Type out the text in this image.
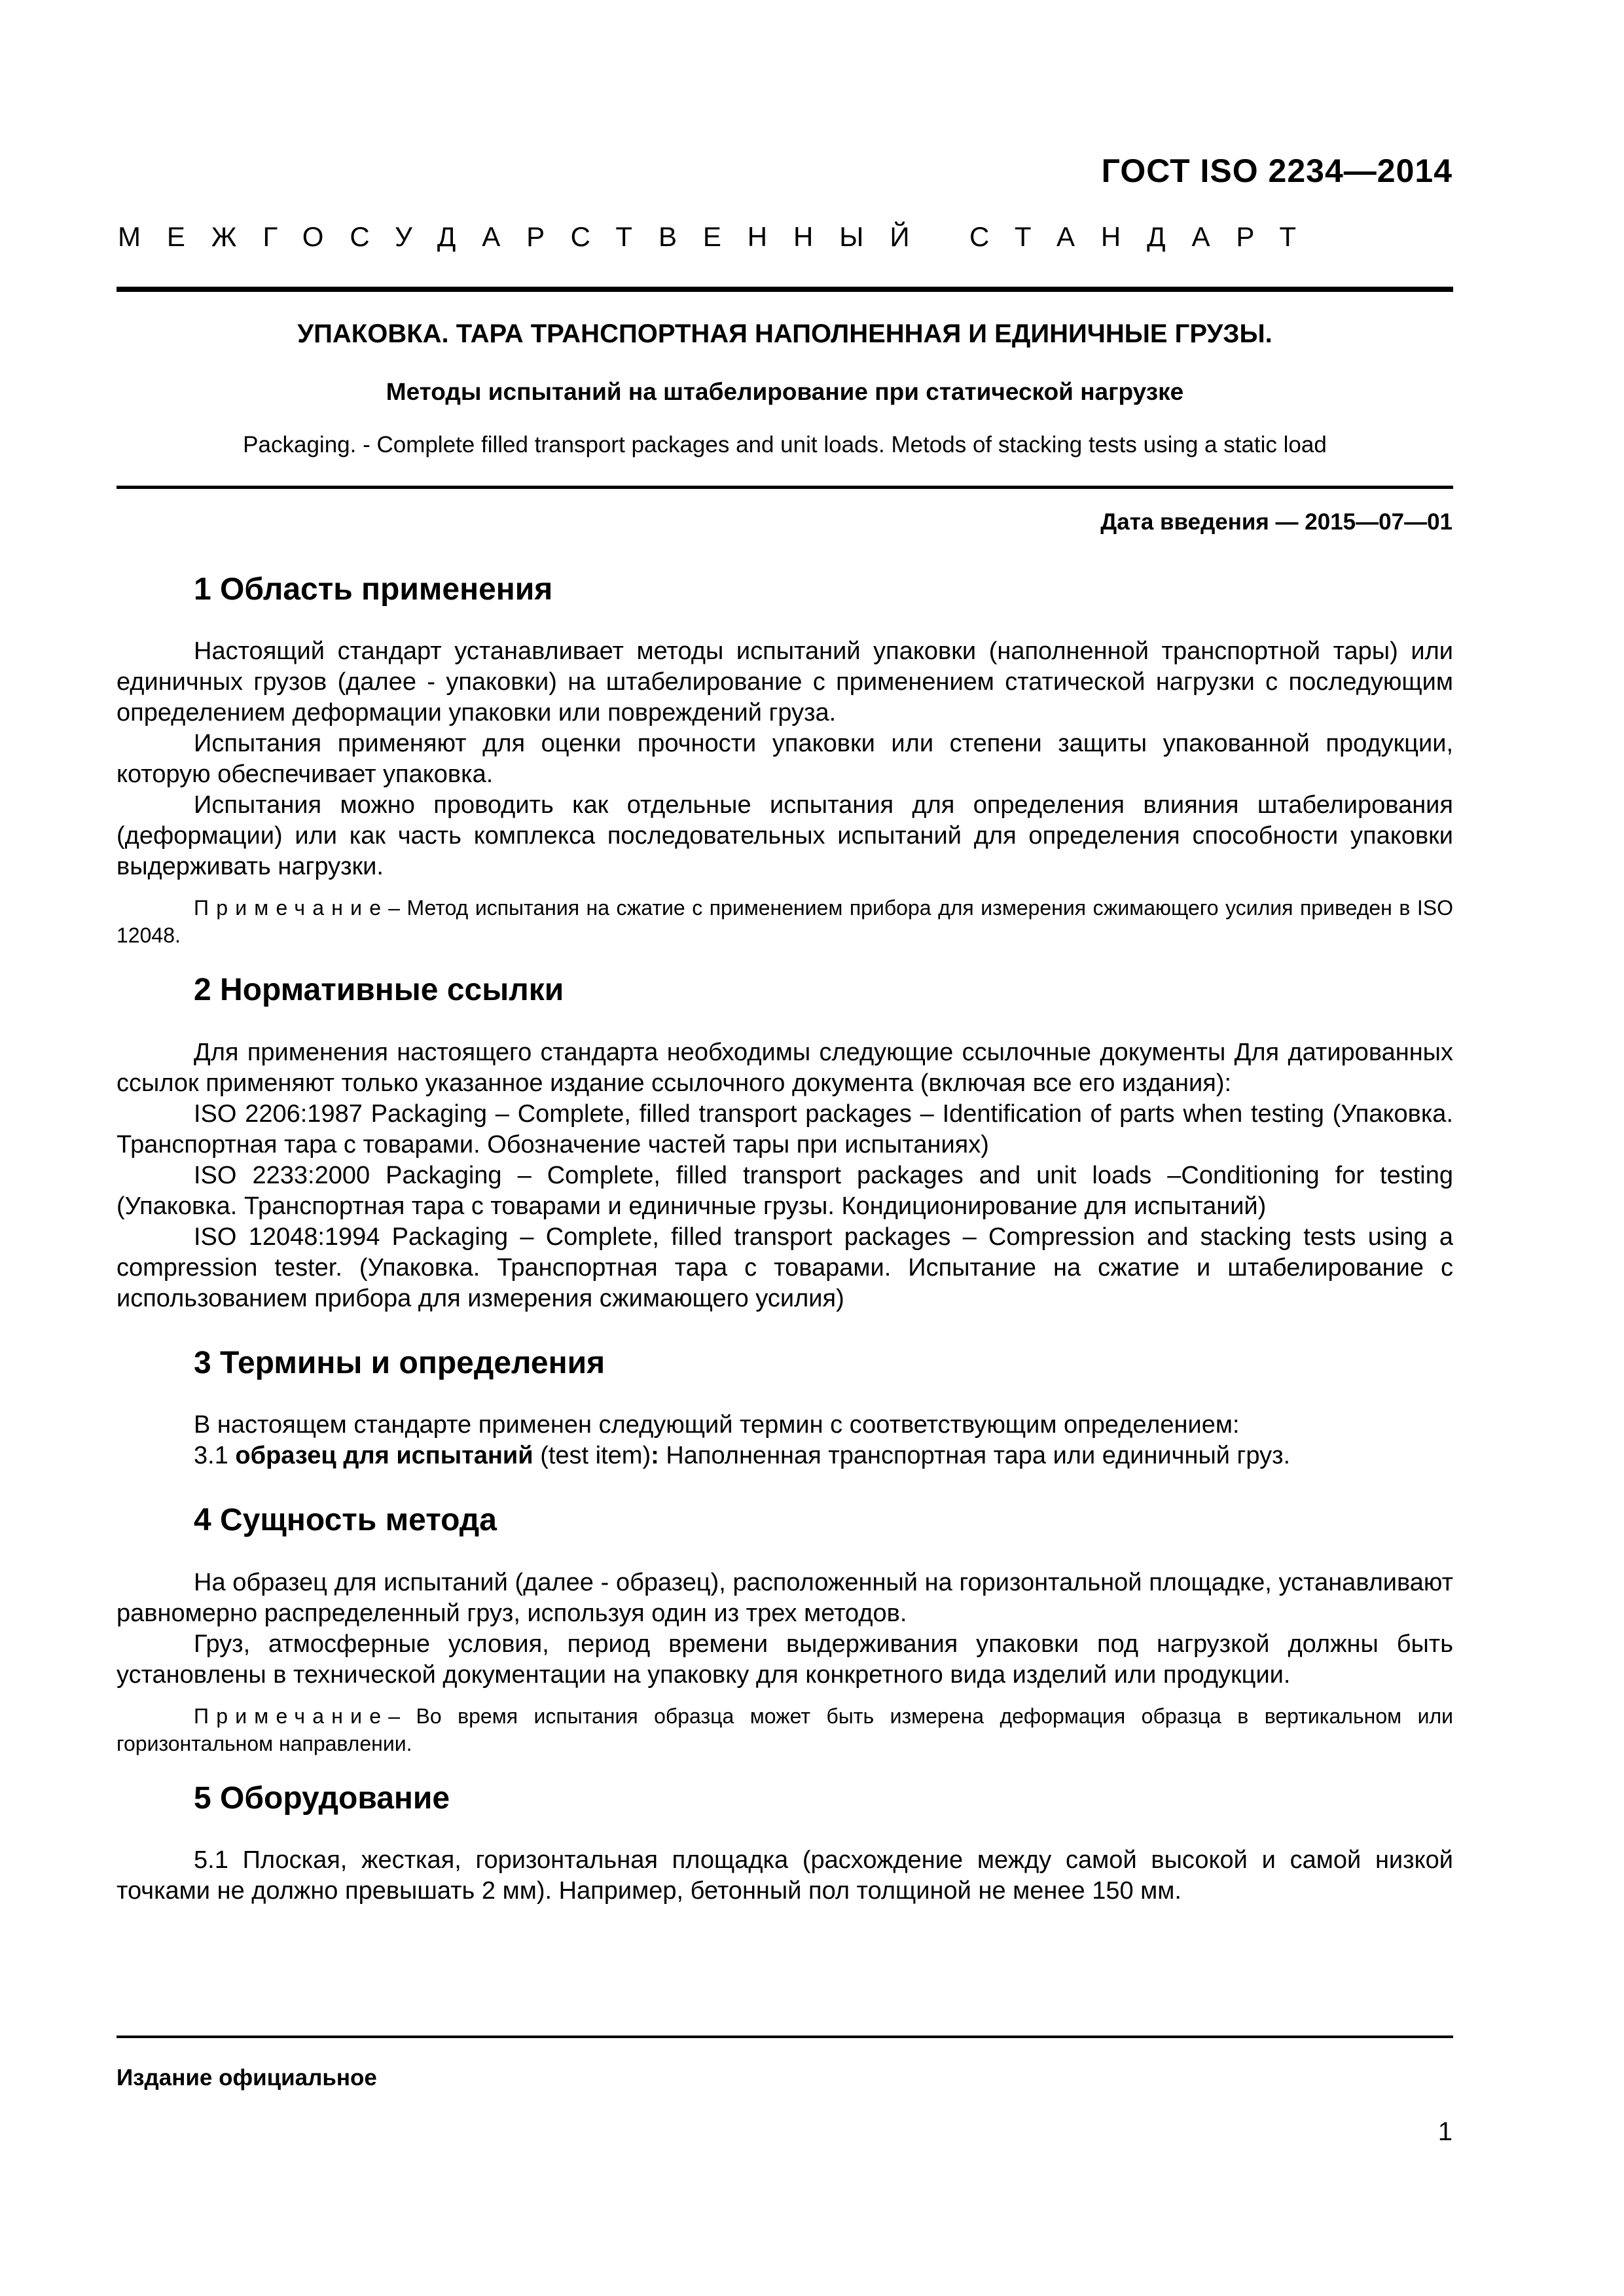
ГОСТ ISO 2234—2014
МЕЖГОСУДАРСТВЕННЫЙ СТАНДАРТ
УПАКОВКА. ТАРА ТРАНСПОРТНАЯ НАПОЛНЕННАЯ И ЕДИНИЧНЫЕ ГРУЗЫ.
Методы испытаний на штабелирование при статической нагрузке
Packaging. - Complete filled transport packages and unit loads. Metods of stacking tests using a static load
Дата введения — 2015—07—01
1 Область применения

Настоящий стандарт устанавливает методы испытаний упаковки (наполненной транспортной тары) или единичных грузов (далее - упаковки) на штабелирование с применением статической нагрузки с последующим определением деформации упаковки или повреждений груза.

Испытания применяют для оценки прочности упаковки или степени защиты упакованной продукции, которую обеспечивает упаковка.

Испытания можно проводить как отдельные испытания для определения влияния штабелирования (деформации) или как часть комплекса последовательных испытаний для определения способности упаковки выдерживать нагрузки.

Примечание– Метод испытания на сжатие с применением прибора для измерения сжимающего усилия приведен в ISO 12048.

2 Нормативные ссылки

Для применения настоящего стандарта необходимы следующие ссылочные документы Для датированных ссылок применяют только указанное издание ссылочного документа (включая все его издания):

ISO 2206:1987 Packaging – Complete, filled transport packages – Identification of parts when testing (Упаковка. Транспортная тара с товарами. Обозначение частей тары при испытаниях)

ISO 2233:2000 Packaging – Complete, filled transport packages and unit loads –Conditioning for testing (Упаковка. Транспортная тара с товарами и единичные грузы. Кондиционирование для испытаний)

ISO 12048:1994 Packaging – Complete, filled transport packages – Compression and stacking tests using a compression tester. (Упаковка. Транспортная тара с товарами. Испытание на сжатие и штабелирование с использованием прибора для измерения сжимающего усилия)

3 Термины и определения

В настоящем стандарте применен следующий термин с соответствующим определением:

3.1 образец для испытаний (test item): Наполненная транспортная тара или единичный груз.

4 Сущность метода

На образец для испытаний (далее - образец), расположенный на горизонтальной площадке, устанавливают равномерно распределенный груз, используя один из трех методов.

Груз, атмосферные условия, период времени выдерживания упаковки под нагрузкой должны быть установлены в технической документации на упаковку для конкретного вида изделий или продукции.

Примечание– Во время испытания образца может быть измерена деформация образца в вертикальном или горизонтальном направлении.

5 Оборудование

5.1 Плоская, жесткая, горизонтальная площадка (расхождение между самой высокой и самой низкой точками не должно превышать 2 мм). Например, бетонный пол толщиной не менее 150 мм.

Издание официальное
1
